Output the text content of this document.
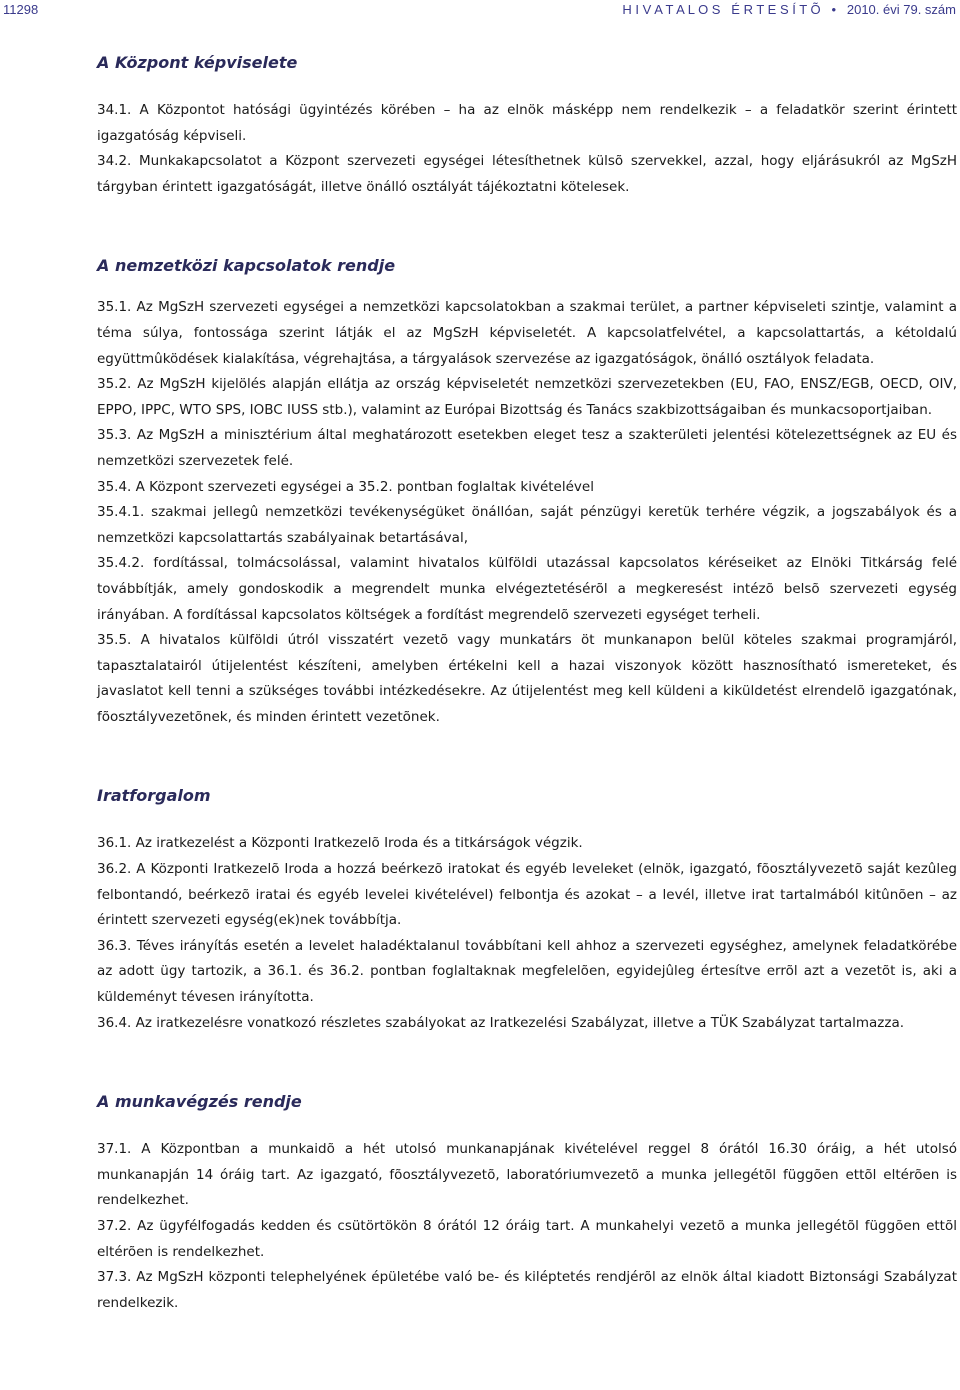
11298	H I V A T A L O S   É R T E S Í T Õ   •   2010. évi 79. szám
A Központ képviselete

34.1. A Központot hatósági ügyintézés körében – ha az elnök másképp nem rendelkezik – a feladatkör szerint érintett igazgatóság képviseli.

34.2. Munkakapcsolatot a Központ szervezeti egységei létesíthetnek külsõ szervekkel, azzal, hogy eljárásukról az MgSzH tárgyban érintett igazgatóságát, illetve önálló osztályát tájékoztatni kötelesek.

A nemzetközi kapcsolatok rendje

35.1. Az MgSzH szervezeti egységei a nemzetközi kapcsolatokban a szakmai terület, a partner képviseleti szintje, valamint a téma súlya, fontossága szerint látják el az MgSzH képviseletét. A kapcsolatfelvétel, a kapcsolattartás, a kétoldalú együttmûködések kialakítása, végrehajtása, a tárgyalások szervezése az igazgatóságok, önálló osztályok feladata.

35.2. Az MgSzH kijelölés alapján ellátja az ország képviseletét nemzetközi szervezetekben (EU, FAO, ENSZ/EGB, OECD, OIV, EPPO, IPPC, WTO SPS, IOBC IUSS stb.), valamint az Európai Bizottság és Tanács szakbizottságaiban és munkacsoportjaiban.

35.3. Az MgSzH a minisztérium által meghatározott esetekben eleget tesz a szakterületi jelentési kötelezettségnek az EU és nemzetközi szervezetek felé.

35.4. A Központ szervezeti egységei a 35.2. pontban foglaltak kivételével

35.4.1. szakmai jellegû nemzetközi tevékenységüket önállóan, saját pénzügyi keretük terhére végzik, a jogszabályok és a nemzetközi kapcsolattartás szabályainak betartásával,

35.4.2. fordítással, tolmácsolással, valamint hivatalos külföldi utazással kapcsolatos kéréseiket az Elnöki Titkárság felé továbbítják, amely gondoskodik a megrendelt munka elvégeztetésérõl a megkeresést intézõ belsõ szervezeti egység irányában. A fordítással kapcsolatos költségek a fordítást megrendelõ szervezeti egységet terheli.

35.5. A hivatalos külföldi útról visszatért vezetõ vagy munkatárs öt munkanapon belül köteles szakmai programjáról, tapasztalatairól útijelentést készíteni, amelyben értékelni kell a hazai viszonyok között hasznosítható ismereteket, és javaslatot kell tenni a szükséges további intézkedésekre. Az útijelentést meg kell küldeni a kiküldetést elrendelõ igazgatónak, fõosztályvezetõnek, és minden érintett vezetõnek.

Iratforgalom

36.1. Az iratkezelést a Központi Iratkezelõ Iroda és a titkárságok végzik.

36.2. A Központi Iratkezelõ Iroda a hozzá beérkezõ iratokat és egyéb leveleket (elnök, igazgató, fõosztályvezetõ saját kezûleg felbontandó, beérkezõ iratai és egyéb levelei kivételével) felbontja és azokat – a levél, illetve irat tartalmából kitûnõen – az érintett szervezeti egység(ek)nek továbbítja.

36.3. Téves irányítás esetén a levelet haladéktalanul továbbítani kell ahhoz a szervezeti egységhez, amelynek feladatkörébe az adott ügy tartozik, a 36.1. és 36.2. pontban foglaltaknak megfelelõen, egyidejûleg értesítve errõl azt a vezetõt is, aki a küldeményt tévesen irányította.

36.4. Az iratkezelésre vonatkozó részletes szabályokat az Iratkezelési Szabályzat, illetve a TÜK Szabályzat tartalmazza.

A munkavégzés rendje

37.1. A Központban a munkaidõ a hét utolsó munkanapjának kivételével reggel 8 órától 16.30 óráig, a hét utolsó munkanapján 14 óráig tart. Az igazgató, fõosztályvezetõ, laboratóriumvezetõ a munka jellegétõl függõen ettõl eltérõen is rendelkezhet.

37.2. Az ügyfélfogadás kedden és csütörtökön 8 órától 12 óráig tart. A munkahelyi vezetõ a munka jellegétõl függõen ettõl eltérõen is rendelkezhet.

37.3. Az MgSzH központi telephelyének épületébe való be- és kiléptetés rendjérõl az elnök által kiadott Biztonsági Szabályzat rendelkezik.
